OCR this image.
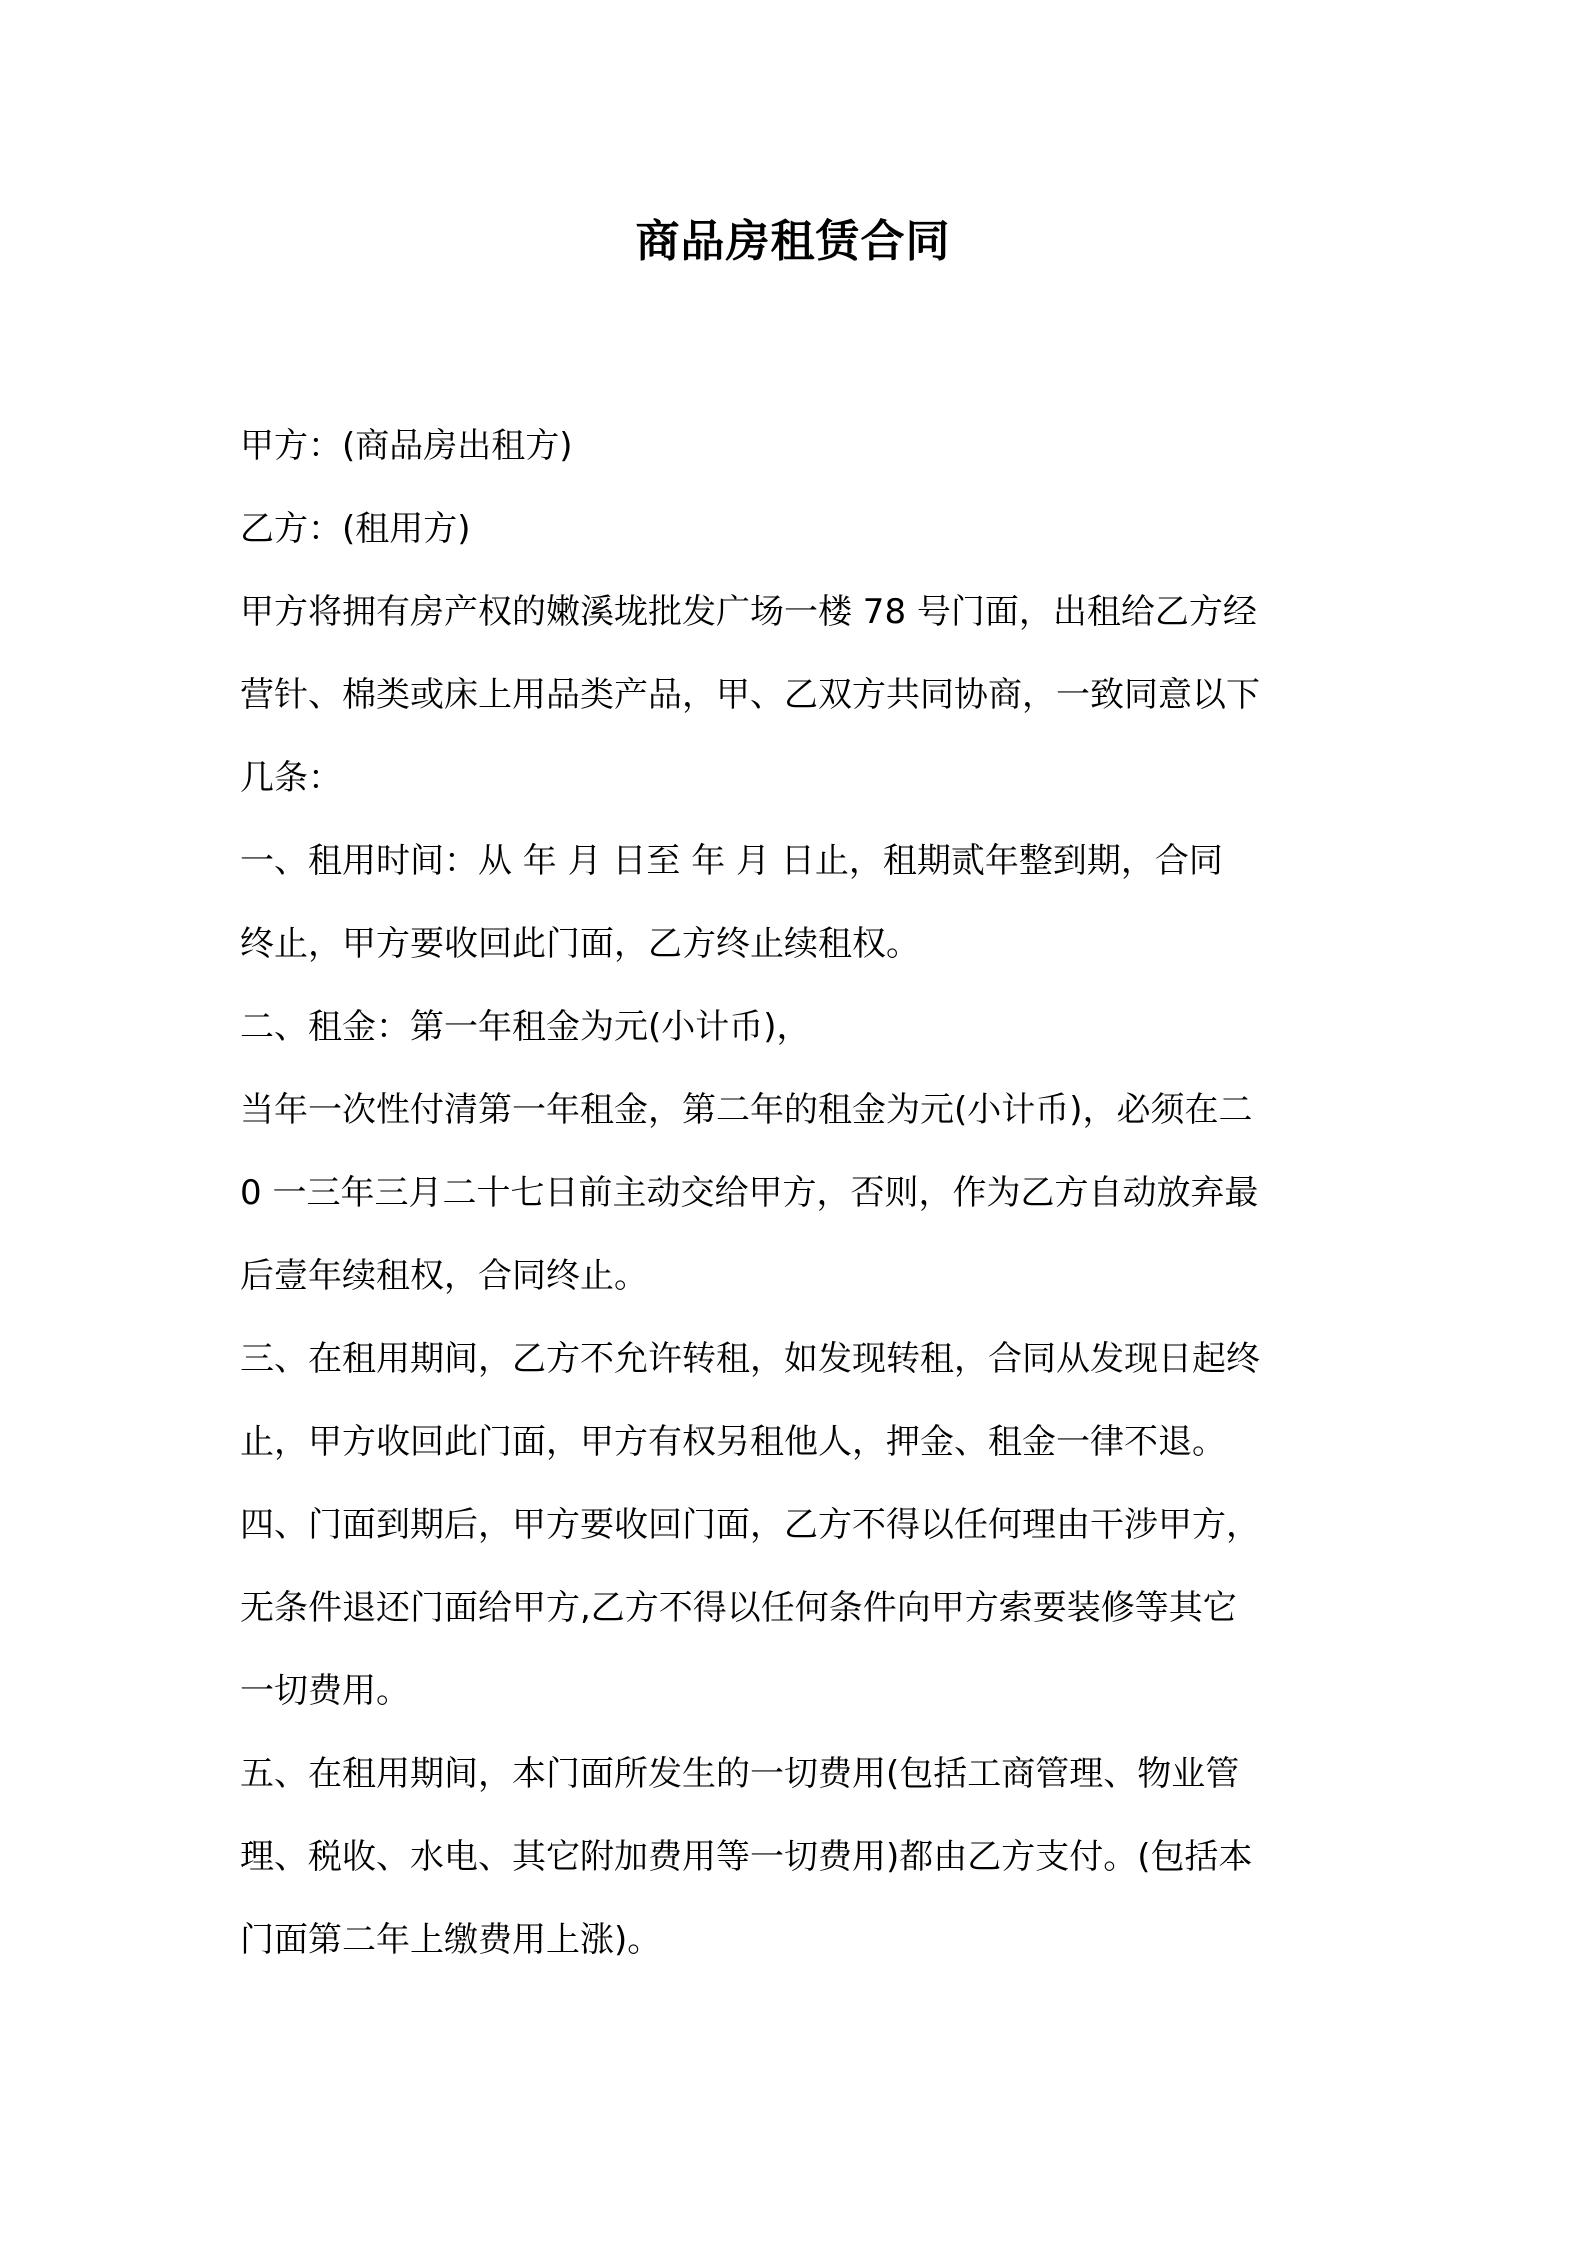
商品房租赁合同
甲方：(商品房出租方)
乙方：(租用方)
甲方将拥有房产权的嫩溪垅批发广场一楼 78 号门面，出租给乙方经
营针、棉类或床上用品类产品，甲、乙双方共同协商，一致同意以下
几条：
一、租用时间：从 年 月 日至 年 月 日止，租期贰年整到期，合同
终止，甲方要收回此门面，乙方终止续租权。
二、租金：第一年租金为元(小计币)，
当年一次性付清第一年租金，第二年的租金为元(小计币)，必须在二
0 一三年三月二十七日前主动交给甲方，否则，作为乙方自动放弃最
后壹年续租权，合同终止。
三、在租用期间，乙方不允许转租，如发现转租，合同从发现日起终
止，甲方收回此门面，甲方有权另租他人，押金、租金一律不退。
四、门面到期后，甲方要收回门面，乙方不得以任何理由干涉甲方，
无条件退还门面给甲方,乙方不得以任何条件向甲方索要装修等其它
一切费用。
五、在租用期间，本门面所发生的一切费用(包括工商管理、物业管
理、税收、水电、其它附加费用等一切费用)都由乙方支付。(包括本
门面第二年上缴费用上涨)。
